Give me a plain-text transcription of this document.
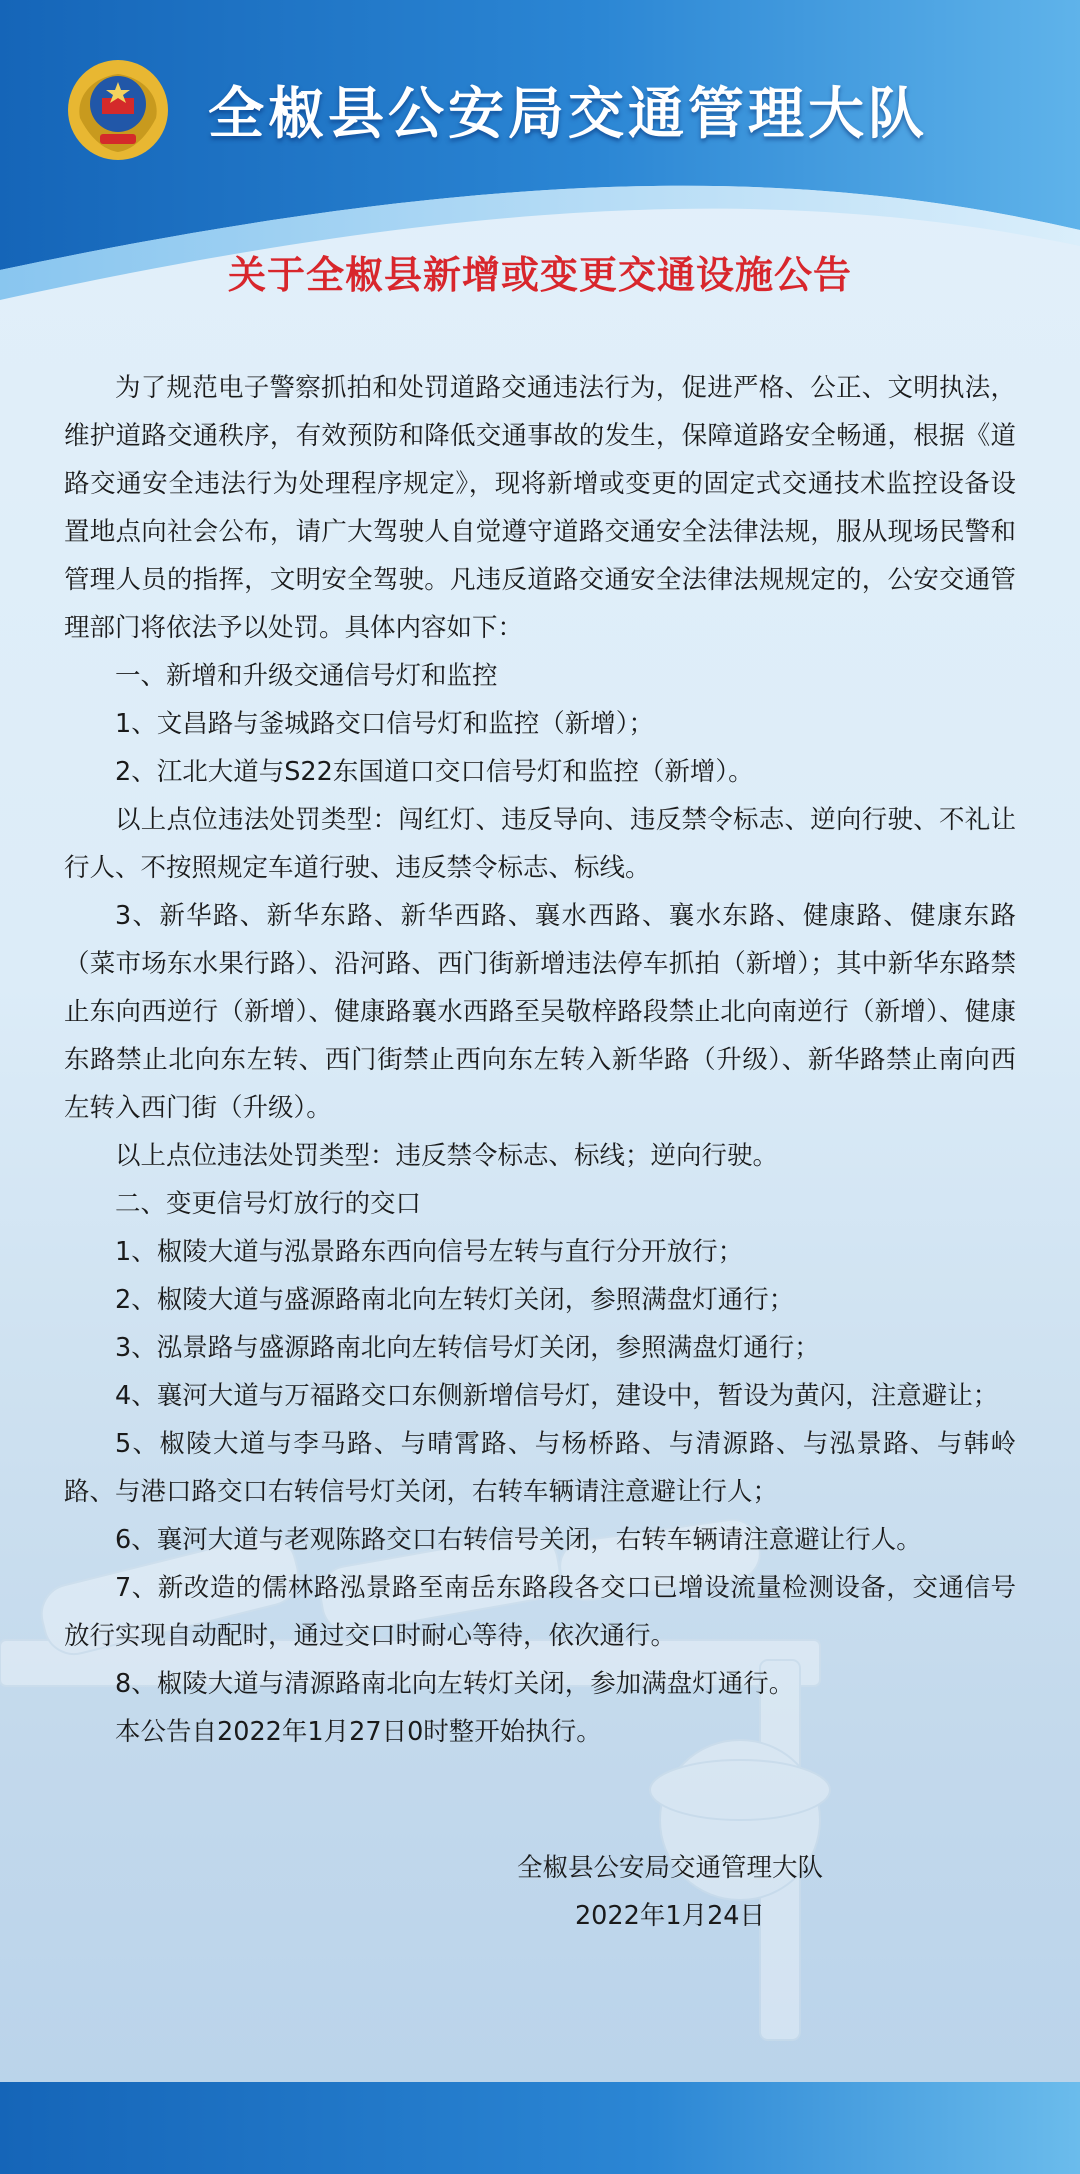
全椒县公安局交通管理大队
关于全椒县新增或变更交通设施公告

为了规范电子警察抓拍和处罚道路交通违法行为，促进严格、公正、文明执法，维护道路交通秩序，有效预防和降低交通事故的发生，保障道路安全畅通，根据《道路交通安全违法行为处理程序规定》，现将新增或变更的固定式交通技术监控设备设置地点向社会公布，请广大驾驶人自觉遵守道路交通安全法律法规，服从现场民警和管理人员的指挥，文明安全驾驶。凡违反道路交通安全法律法规规定的，公安交通管理部门将依法予以处罚。具体内容如下：

一、新增和升级交通信号灯和监控

1、文昌路与釜城路交口信号灯和监控（新增）；

2、江北大道与S22东国道口交口信号灯和监控（新增）。

以上点位违法处罚类型：闯红灯、违反导向、违反禁令标志、逆向行驶、不礼让行人、不按照规定车道行驶、违反禁令标志、标线。

3、新华路、新华东路、新华西路、襄水西路、襄水东路、健康路、健康东路（菜市场东水果行路）、沿河路、西门街新增违法停车抓拍（新增）；其中新华东路禁止东向西逆行（新增）、健康路襄水西路至吴敬梓路段禁止北向南逆行（新增）、健康东路禁止北向东左转、西门街禁止西向东左转入新华路（升级）、新华路禁止南向西左转入西门街（升级）。

以上点位违法处罚类型：违反禁令标志、标线；逆向行驶。

二、变更信号灯放行的交口

1、椒陵大道与泓景路东西向信号左转与直行分开放行；

2、椒陵大道与盛源路南北向左转灯关闭，参照满盘灯通行；

3、泓景路与盛源路南北向左转信号灯关闭，参照满盘灯通行；

4、襄河大道与万福路交口东侧新增信号灯，建设中，暂设为黄闪，注意避让；

5、椒陵大道与李马路、与晴霄路、与杨桥路、与清源路、与泓景路、与韩岭路、与港口路交口右转信号灯关闭，右转车辆请注意避让行人；

6、襄河大道与老观陈路交口右转信号关闭，右转车辆请注意避让行人。

7、新改造的儒林路泓景路至南岳东路段各交口已增设流量检测设备，交通信号放行实现自动配时，通过交口时耐心等待，依次通行。

8、椒陵大道与清源路南北向左转灯关闭，参加满盘灯通行。

本公告自2022年1月27日0时整开始执行。

全椒县公安局交通管理大队
2022年1月24日
